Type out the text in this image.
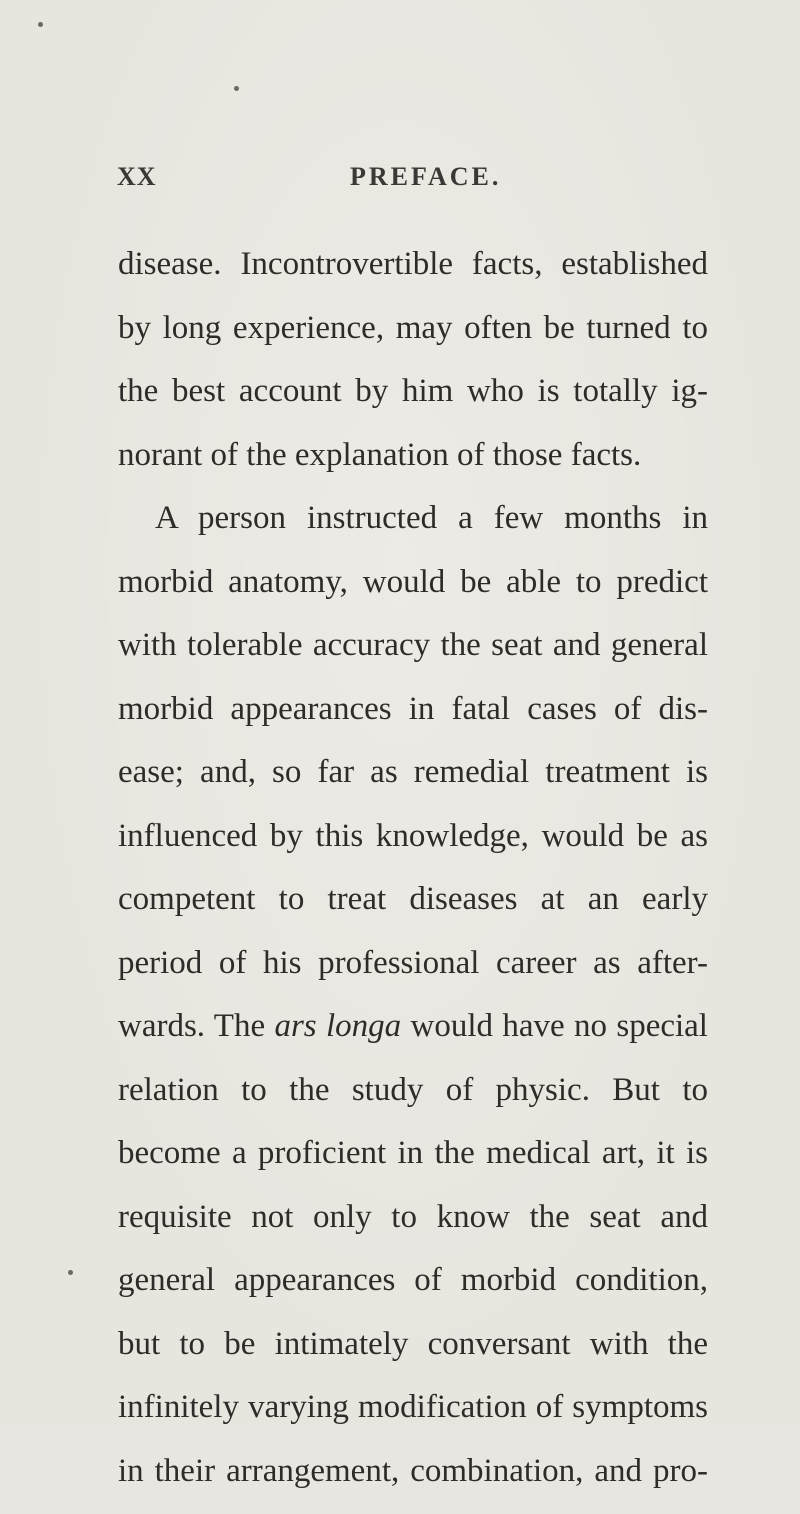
XX	PREFACE.
disease. Incontrovertible facts, established
by long experience, may often be turned to
the best account by him who is totally ig-
norant of the explanation of those facts.
A person instructed a few months in
morbid anatomy, would be able to predict
with tolerable accuracy the seat and general
morbid appearances in fatal cases of dis-
ease; and, so far as remedial treatment is
influenced by this knowledge, would be as
competent to treat diseases at an early
period of his professional career as after-
wards. The ars longa would have no special
relation to the study of physic. But to
become a proficient in the medical art, it is
requisite not only to know the seat and
general appearances of morbid condition,
but to be intimately conversant with the
infinitely varying modification of symptoms
in their arrangement, combination, and pro-
